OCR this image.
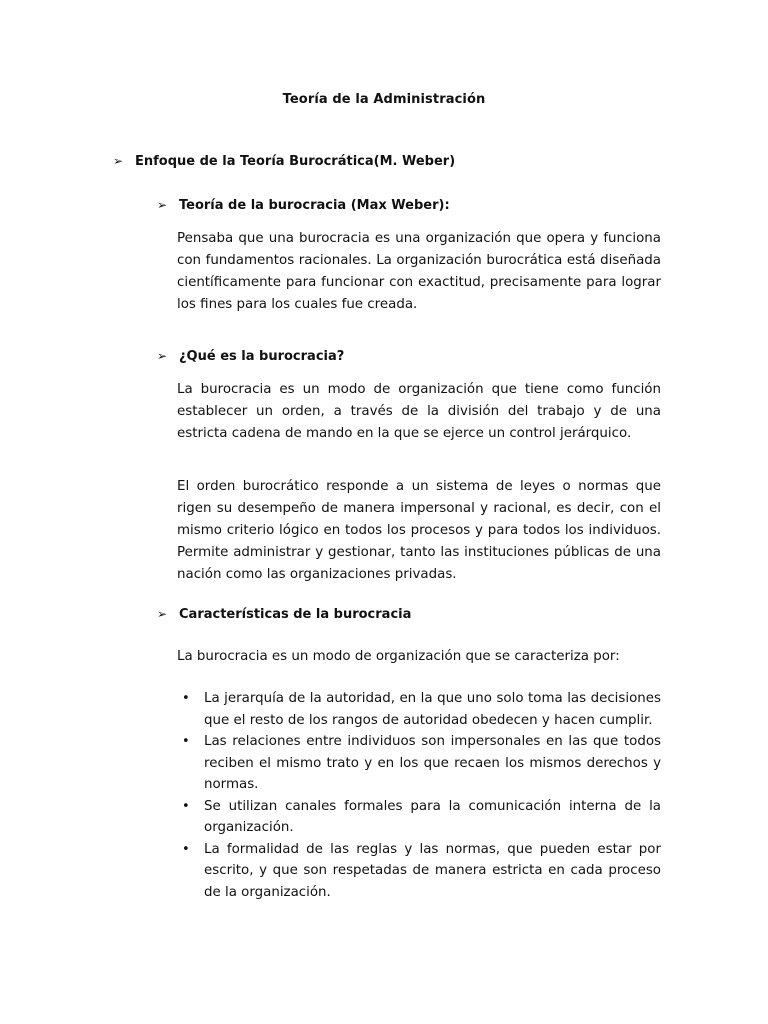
Teoría de la Administración
➢ Enfoque de la Teoría Burocrática(M. Weber)
➢ Teoría de la burocracia (Max Weber):

Pensaba que una burocracia es una organización que opera y funciona con fundamentos racionales. La organización burocrática está diseñada científicamente para funcionar con exactitud, precisamente para lograr los fines para los cuales fue creada.

➢ ¿Qué es la burocracia?

La burocracia es un modo de organización que tiene como función establecer un orden, a través de la división del trabajo y de una estricta cadena de mando en la que se ejerce un control jerárquico.

El orden burocrático responde a un sistema de leyes o normas que rigen su desempeño de manera impersonal y racional, es decir, con el mismo criterio lógico en todos los procesos y para todos los individuos. Permite administrar y gestionar, tanto las instituciones públicas de una nación como las organizaciones privadas.

➢ Características de la burocracia

La burocracia es un modo de organización que se caracteriza por:

• La jerarquía de la autoridad, en la que uno solo toma las decisiones que el resto de los rangos de autoridad obedecen y hacen cumplir.
• Las relaciones entre individuos son impersonales en las que todos reciben el mismo trato y en los que recaen los mismos derechos y normas.
• Se utilizan canales formales para la comunicación interna de la organización.
• La formalidad de las reglas y las normas, que pueden estar por escrito, y que son respetadas de manera estricta en cada proceso de la organización.
